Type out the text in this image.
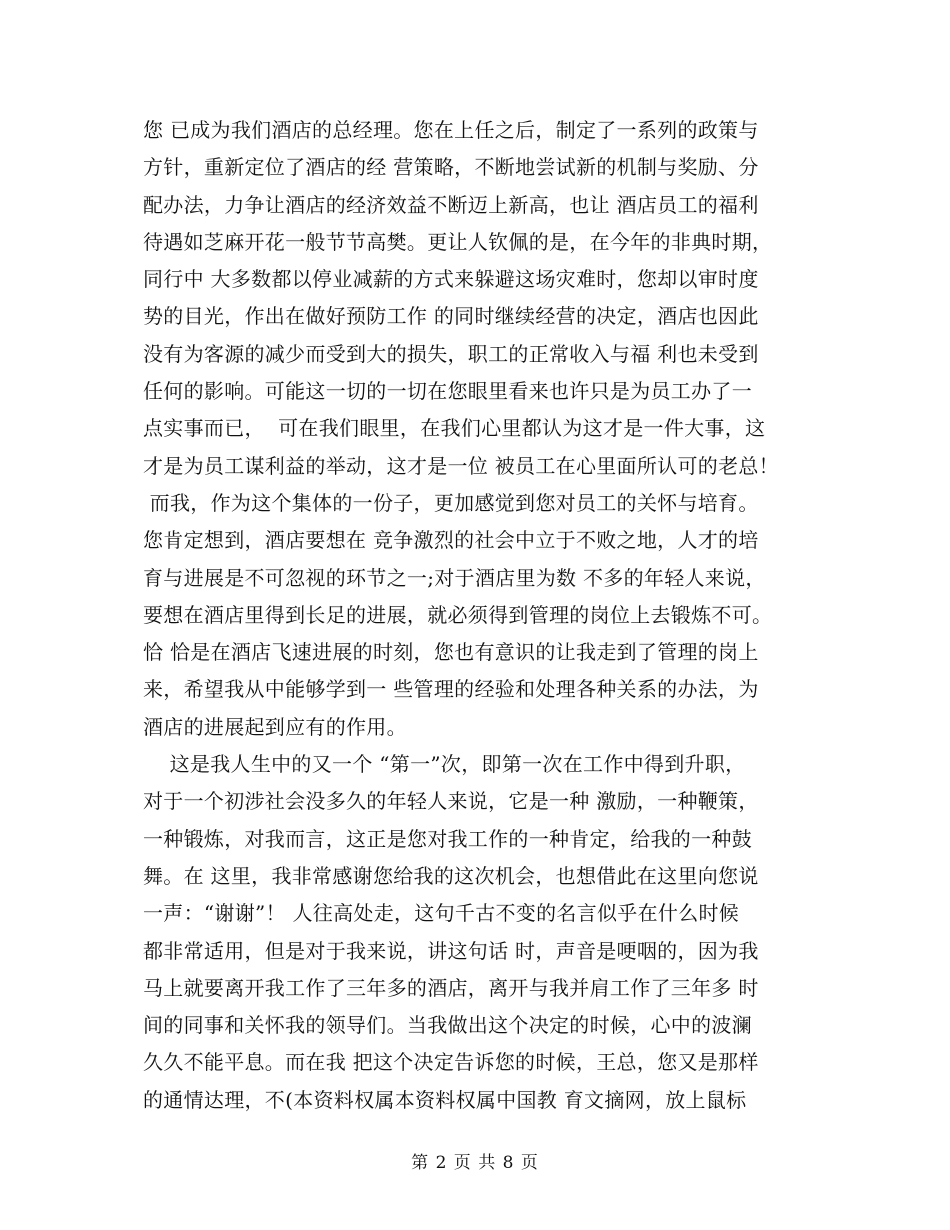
您 已成为我们酒店的总经理。您在上任之后，制定了一系列的政策与
方针，重新定位了酒店的经 营策略，不断地尝试新的机制与奖励、分
配办法，力争让酒店的经济效益不断迈上新高，也让 酒店员工的福利
待遇如芝麻开花一般节节高樊。更让人钦佩的是，在今年的非典时期，
同行中 大多数都以停业减薪的方式来躲避这场灾难时，您却以审时度
势的目光，作出在做好预防工作 的同时继续经营的决定，酒店也因此
没有为客源的减少而受到大的损失，职工的正常收入与福 利也未受到
任何的影响。可能这一切的一切在您眼里看来也许只是为员工办了一
点实事而已，  可在我们眼里，在我们心里都认为这才是一件大事，这
才是为员工谋利益的举动，这才是一位 被员工在心里面所认可的老总！
而我，作为这个集体的一份子，更加感觉到您对员工的关怀与培育。
您肯定想到，酒店要想在 竞争激烈的社会中立于不败之地，人才的培
育与进展是不可忽视的环节之一;对于酒店里为数 不多的年轻人来说，
要想在酒店里得到长足的进展，就必须得到管理的岗位上去锻炼不可。
恰 恰是在酒店飞速进展的时刻，您也有意识的让我走到了管理的岗上
来，希望我从中能够学到一 些管理的经验和处理各种关系的办法，为
酒店的进展起到应有的作用。
这是我人生中的又一个 “第一”次，即第一次在工作中得到升职，
对于一个初涉社会没多久的年轻人来说，它是一种 激励，一种鞭策，
一种锻炼，对我而言，这正是您对我工作的一种肯定，给我的一种鼓
舞。在 这里，我非常感谢您给我的这次机会，也想借此在这里向您说
一声：“谢谢”！ 人往高处走，这句千古不变的名言似乎在什么时候
都非常适用，但是对于我来说，讲这句话 时，声音是哽咽的，因为我
马上就要离开我工作了三年多的酒店，离开与我并肩工作了三年多 时
间的同事和关怀我的领导们。当我做出这个决定的时候，心中的波澜
久久不能平息。而在我 把这个决定告诉您的时候，王总，您又是那样
的通情达理，不(本资料权属本资料权属中国教 育文摘网，放上鼠标
第 2 页 共 8 页
